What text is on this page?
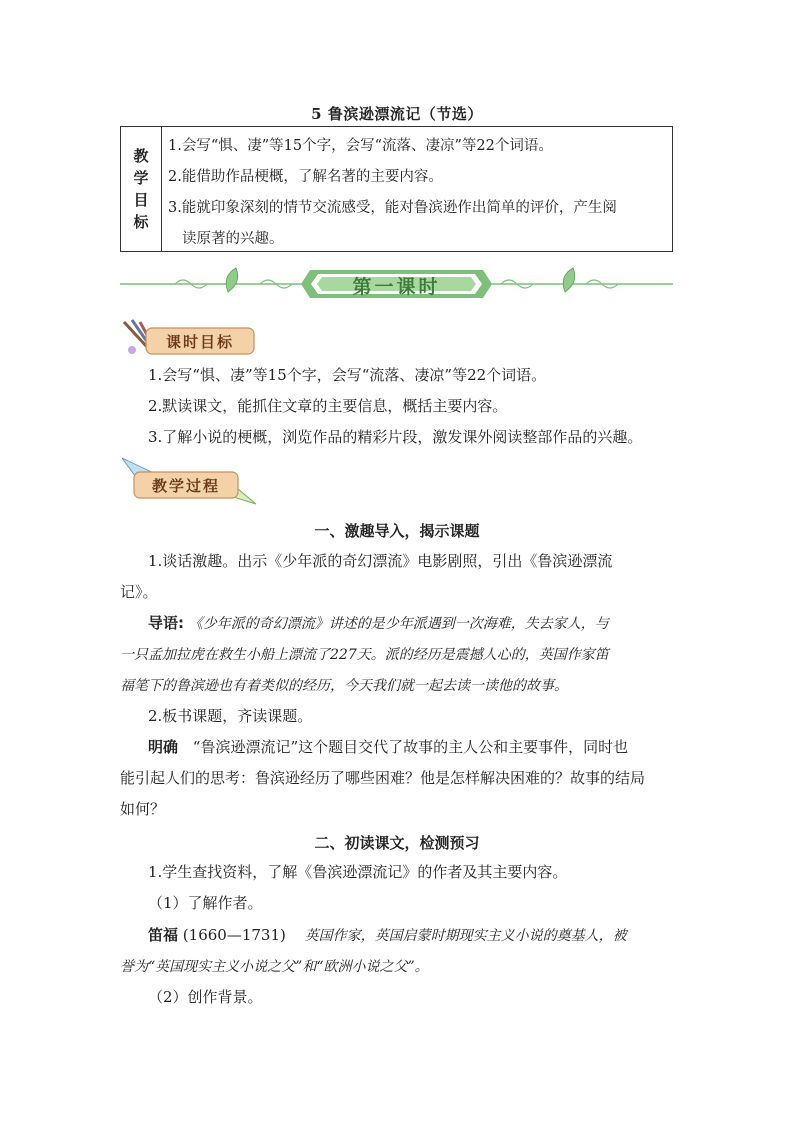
5 鲁滨逊漂流记（节选）
教
学
目
标
1.会写“惧、凄”等15个字，会写“流落、凄凉”等22个词语。
2.能借助作品梗概，了解名著的主要内容。
3.能就印象深刻的情节交流感受，能对鲁滨逊作出简单的评价，产生阅
读原著的兴趣。
第一课时
课时目标
1.会写“惧、凄”等15个字，会写“流落、凄凉”等22个词语。
2.默读课文，能抓住文章的主要信息，概括主要内容。
3.了解小说的梗概，浏览作品的精彩片段，激发课外阅读整部作品的兴趣。
教学过程
一、激趣导入，揭示课题
1.谈话激趣。出示《少年派的奇幻漂流》电影剧照，引出《鲁滨逊漂流
记》。
导语: 《少年派的奇幻漂流》讲述的是少年派遇到一次海难，失去家人，与
一只孟加拉虎在救生小船上漂流了227天。派的经历是震撼人心的，英国作家笛
福笔下的鲁滨逊也有着类似的经历，今天我们就一起去读一读他的故事。
2.板书课题，齐读课题。
明确 “鲁滨逊漂流记”这个题目交代了故事的主人公和主要事件，同时也
能引起人们的思考：鲁滨逊经历了哪些困难？他是怎样解决困难的？故事的结局
如何？
二、初读课文，检测预习
1.学生查找资料，了解《鲁滨逊漂流记》的作者及其主要内容。
（1）了解作者。
笛福 (1660—1731) 英国作家，英国启蒙时期现实主义小说的奠基人，被
誉为“英国现实主义小说之父”和“欧洲小说之父”。
（2）创作背景。
